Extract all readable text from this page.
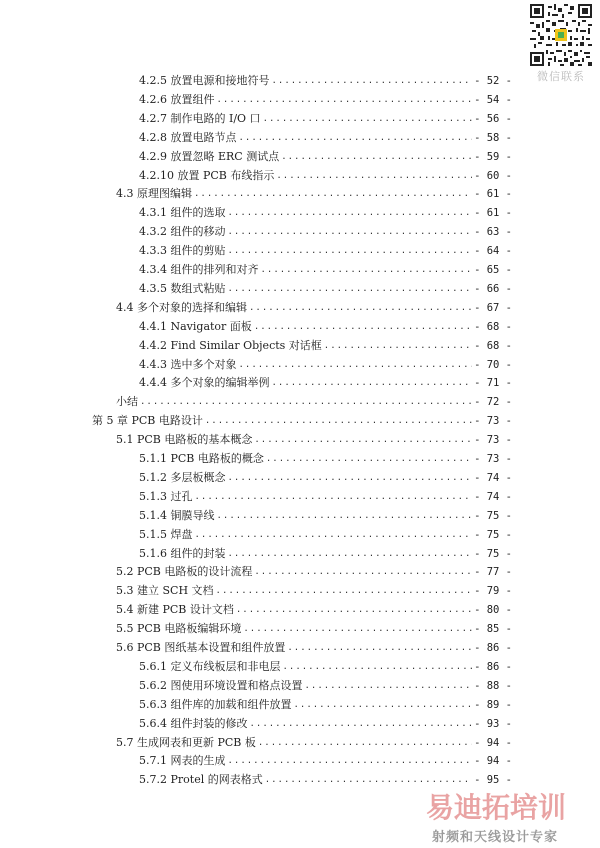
微信联系
4.2.5 放置电源和接地符号 .....	- 52 -
4.2.6 放置组件 .....	- 54 -
4.2.7 制作电路的 I/O 口 .....	- 56 -
4.2.8 放置电路节点 .....	- 58 -
4.2.9 放置忽略 ERC 测试点 .....	- 59 -
4.2.10 放置 PCB 布线指示 .....	- 60 -
4.3 原理图编辑 .....	- 61 -
4.3.1 组件的选取 .....	- 61 -
4.3.2 组件的移动 .....	- 63 -
4.3.3 组件的剪贴 .....	- 64 -
4.3.4 组件的排列和对齐 .....	- 65 -
4.3.5 数组式粘贴 .....	- 66 -
4.4 多个对象的选择和编辑 .....	- 67 -
4.4.1 Navigator 面板 .....	- 68 -
4.4.2 Find Similar Objects 对话框 .....	- 68 -
4.4.3 选中多个对象 .....	- 70 -
4.4.4 多个对象的编辑举例 .....	- 71 -
小结 .....	- 72 -
第 5 章 PCB 电路设计 .....	- 73 -
5.1 PCB 电路板的基本概念 .....	- 73 -
5.1.1 PCB 电路板的概念 .....	- 73 -
5.1.2 多层板概念 .....	- 74 -
5.1.3 过孔 .....	- 74 -
5.1.4 铜膜导线 .....	- 75 -
5.1.5 焊盘 .....	- 75 -
5.1.6 组件的封装 .....	- 75 -
5.2 PCB 电路板的设计流程 .....	- 77 -
5.3 建立 SCH 文档 .....	- 79 -
5.4 新建 PCB 设计文档 .....	- 80 -
5.5 PCB 电路板编辑环境 .....	- 85 -
5.6 PCB 图纸基本设置和组件放置 .....	- 86 -
5.6.1 定义布线板层和非电层 .....	- 86 -
5.6.2 图使用环境设置和格点设置 .....	- 88 -
5.6.3 组件库的加载和组件放置 .....	- 89 -
5.6.4 组件封装的修改 .....	- 93 -
5.7 生成网表和更新 PCB 板 .....	- 94 -
5.7.1 网表的生成 .....	- 94 -
5.7.2 Protel 的网表格式 .....	- 95 -
易迪拓培训
射频和天线设计专家
